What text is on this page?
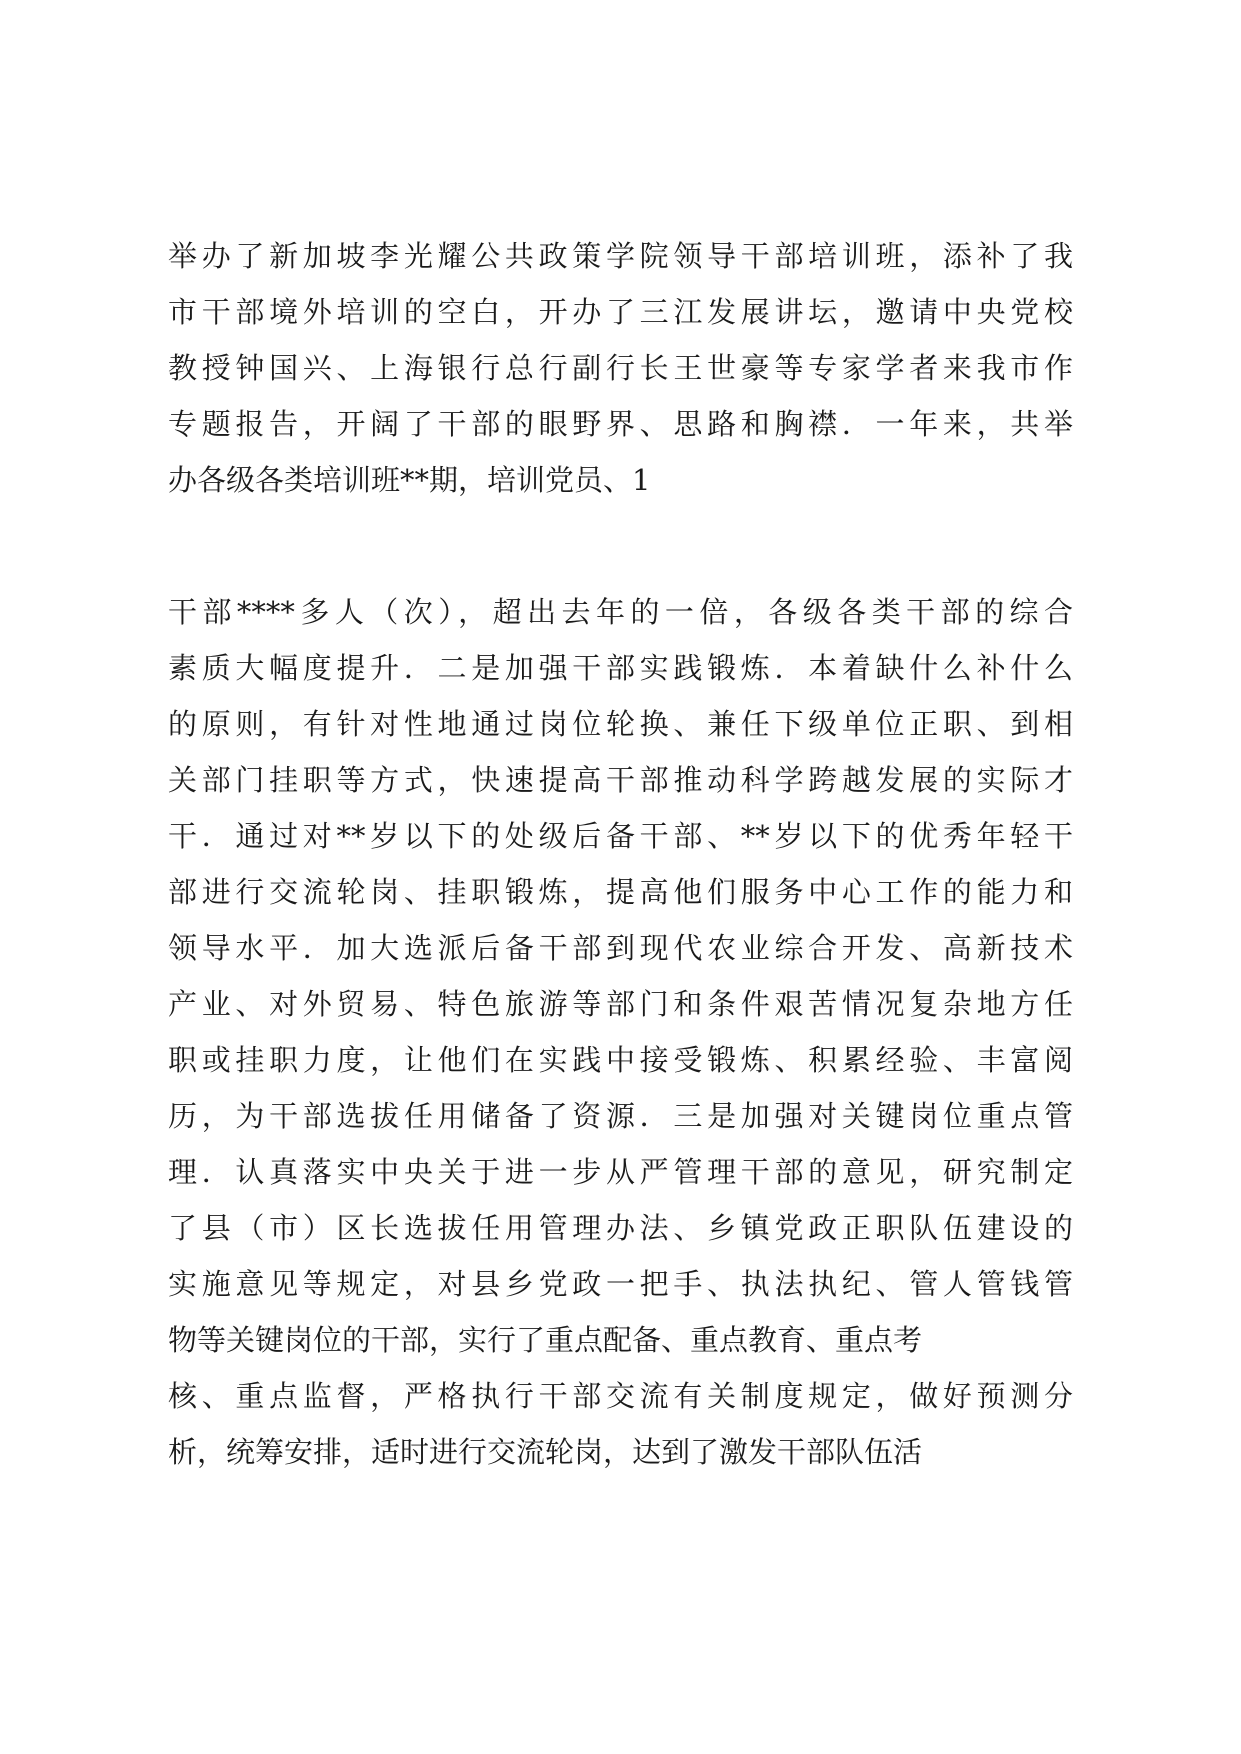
举办了新加坡李光耀公共政策学院领导干部培训班，添补了我
市干部境外培训的空白，开办了三江发展讲坛，邀请中央党校
教授钟国兴、上海银行总行副行长王世豪等专家学者来我市作
专题报告，开阔了干部的眼野界、思路和胸襟．一年来，共举
办各级各类培训班**期，培训党员、1
干部****多人（次），超出去年的一倍，各级各类干部的综合
素质大幅度提升．二是加强干部实践锻炼．本着缺什么补什么
的原则，有针对性地通过岗位轮换、兼任下级单位正职、到相
关部门挂职等方式，快速提高干部推动科学跨越发展的实际才
干．通过对**岁以下的处级后备干部、**岁以下的优秀年轻干
部进行交流轮岗、挂职锻炼，提高他们服务中心工作的能力和
领导水平．加大选派后备干部到现代农业综合开发、高新技术
产业、对外贸易、特色旅游等部门和条件艰苦情况复杂地方任
职或挂职力度，让他们在实践中接受锻炼、积累经验、丰富阅
历，为干部选拔任用储备了资源．三是加强对关键岗位重点管
理．认真落实中央关于进一步从严管理干部的意见，研究制定
了县（市）区长选拔任用管理办法、乡镇党政正职队伍建设的
实施意见等规定，对县乡党政一把手、执法执纪、管人管钱管
物等关键岗位的干部，实行了重点配备、重点教育、重点考
核、重点监督，严格执行干部交流有关制度规定，做好预测分
析，统筹安排，适时进行交流轮岗，达到了激发干部队伍活
